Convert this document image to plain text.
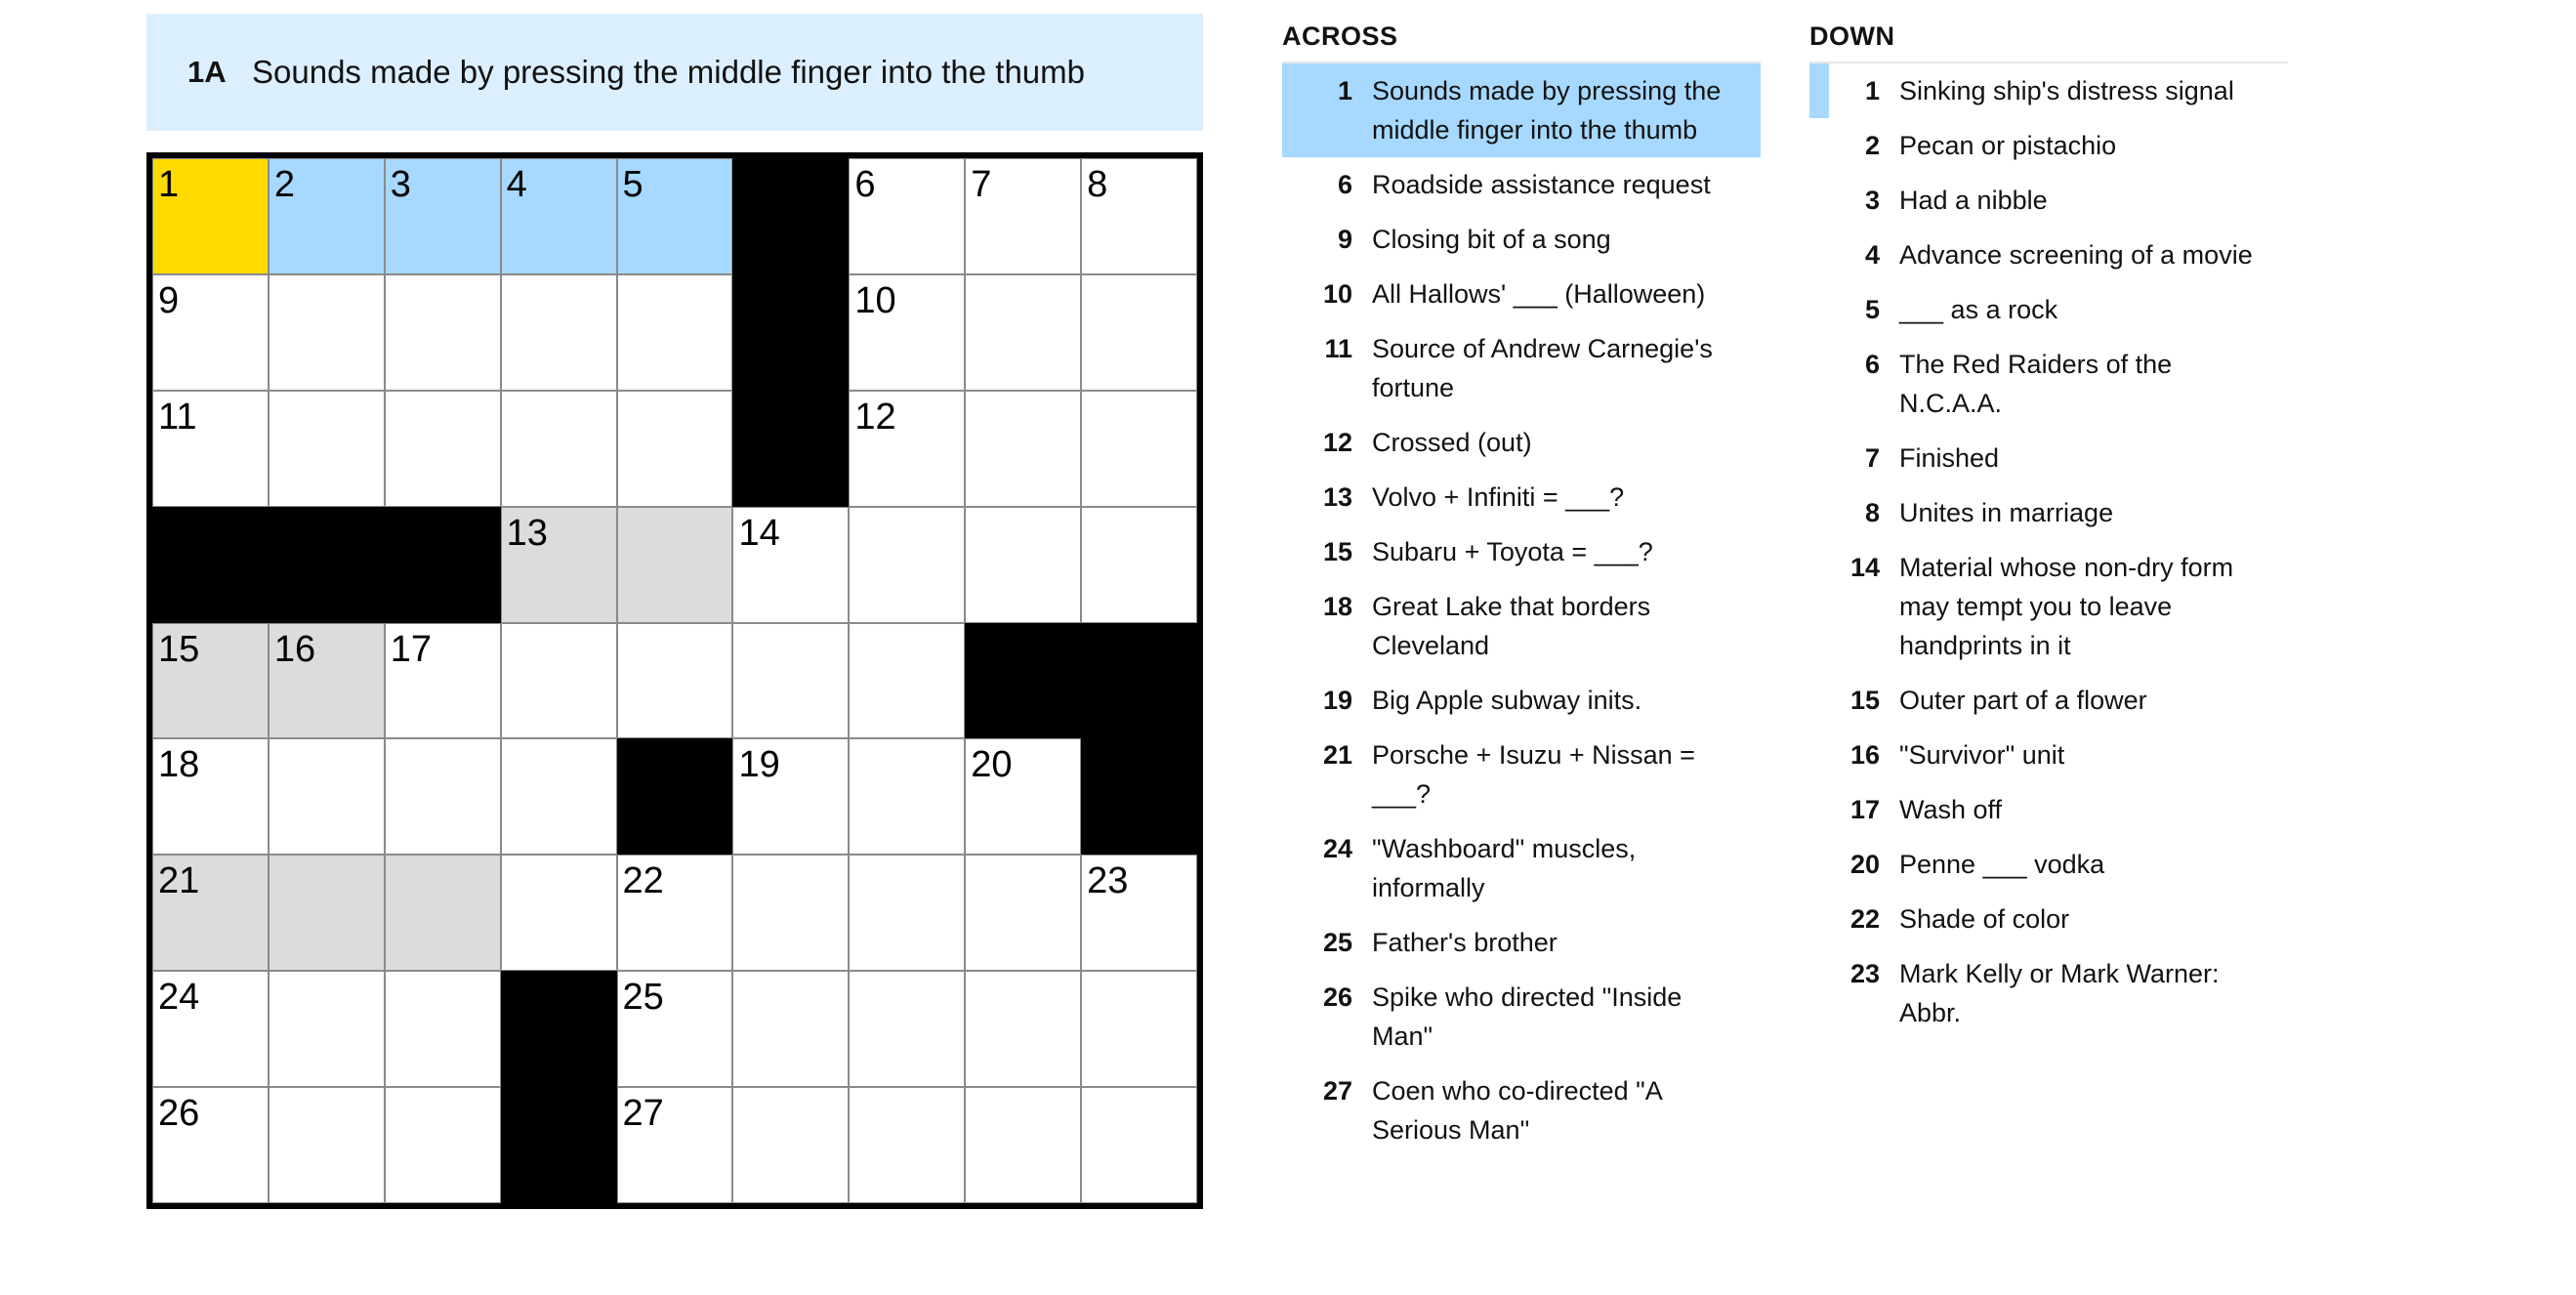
1A Sounds made by pressing the middle finger into the thumb
1	2	3	4	5	6	7	8
9	10
11	12
13	14
15 16 17
18	19	20
21	22	23
24	25
26	27
ACROSS
1 Sounds made by pressing the middle finger into the thumb
6 Roadside assistance request
9 Closing bit of a song
10 All Hallows' ___ (Halloween)
11 Source of Andrew Carnegie's fortune
12 Crossed (out)
13 Volvo + Infiniti = ___?
15 Subaru + Toyota = ___?
18 Great Lake that borders Cleveland
19 Big Apple subway inits.
21 Porsche + Isuzu + Nissan = ___?
24 "Washboard" muscles, informally
25 Father's brother
26 Spike who directed "Inside Man"
27 Coen who co-directed "A Serious Man"
DOWN
1 Sinking ship's distress signal
2 Pecan or pistachio
3 Had a nibble
4 Advance screening of a movie
5 ___ as a rock
6 The Red Raiders of the N.C.A.A.
7 Finished
8 Unites in marriage
14 Material whose non-dry form may tempt you to leave handprints in it
15 Outer part of a flower
16 "Survivor" unit
17 Wash off
20 Penne ___ vodka
22 Shade of color
23 Mark Kelly or Mark Warner: Abbr.
